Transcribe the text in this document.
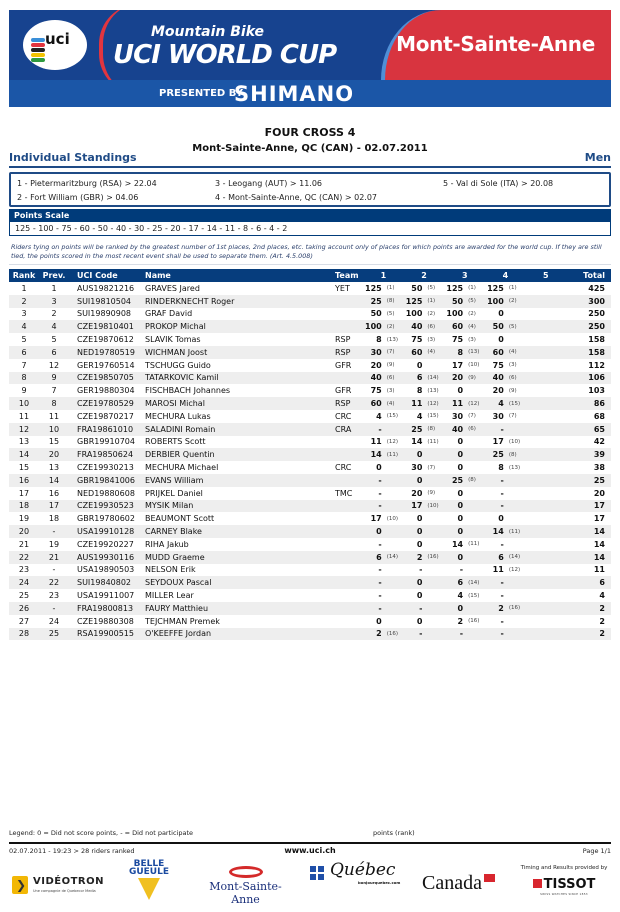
uci	Mountain Bike
UCI WORLD CUP	Mont-Sainte-Anne
PRESENTED BY
SHIMANO
FOUR CROSS 4
Mont-Sainte-Anne, QC (CAN) - 02.07.2011
Individual Standings	Men
1 - Pietermaritzburg (RSA) > 22.04
2 - Fort William (GBR) > 04.06
3 - Leogang (AUT) > 11.06
4 - Mont-Sainte-Anne, QC (CAN) > 02.07
5 - Val di Sole (ITA) > 20.08
Points Scale
125 - 100 - 75 - 60 - 50 - 40 - 30 - 25 - 20 - 17 - 14 - 11 - 8 - 6 - 4 - 2
Riders tying on points will be ranked by the greatest number of 1st places, 2nd places, etc. taking account only of places for which points are awarded for the world cup. If they are still tied, the points scored in the most recent event shall be used to separate them. (Art. 4.5.008)
Rank	Prev.	UCI Code	Name	Team	1		2		3		4		5		Total
1	1	AUS19821216	GRAVES Jared	YET	125	(1)	50	(5)	125	(1)	125	(1)			425
2	3	SUI19810504	RINDERKNECHT Roger		25	(8)	125	(1)	50	(5)	100	(2)			300
3	2	SUI19890908	GRAF David		50	(5)	100	(2)	100	(2)	0				250
4	4	CZE19810401	PROKOP Michal		100	(2)	40	(6)	60	(4)	50	(5)			250
5	5	CZE19870612	SLAVIK Tomas	RSP	8	(13)	75	(3)	75	(3)	0				158
6	6	NED19780519	WICHMAN Joost	RSP	30	(7)	60	(4)	8	(13)	60	(4)			158
7	12	GER19760514	TSCHUGG Guido	GFR	20	(9)	0		17	(10)	75	(3)			112
8	9	CZE19850705	TATARKOVIC Kamil		40	(6)	6	(14)	20	(9)	40	(6)			106
9	7	GER19880304	FISCHBACH Johannes	GFR	75	(3)	8	(13)	0		20	(9)			103
10	8	CZE19780529	MAROSI Michal	RSP	60	(4)	11	(12)	11	(12)	4	(15)			86
11	11	CZE19870217	MECHURA Lukas	CRC	4	(15)	4	(15)	30	(7)	30	(7)			68
12	10	FRA19861010	SALADINI Romain	CRA	-		25	(8)	40	(6)	-				65
13	15	GBR19910704	ROBERTS Scott		11	(12)	14	(11)	0		17	(10)			42
14	20	FRA19850624	DERBIER Quentin		14	(11)	0		0		25	(8)			39
15	13	CZE19930213	MECHURA Michael	CRC	0		30	(7)	0		8	(13)			38
16	14	GBR19841006	EVANS William		-		0		25	(8)	-				25
17	16	NED19880608	PRIJKEL Daniel	TMC	-		20	(9)	0		-				20
18	17	CZE19930523	MYSIK Milan		-		17	(10)	0		-				17
19	18	GBR19780602	BEAUMONT Scott		17	(10)	0		0		0				17
20	-	USA19910128	CARNEY Blake		0		0		0		14	(11)			14
21	19	CZE19920227	RIHA Jakub		-		0		14	(11)	-				14
22	21	AUS19930116	MUDD Graeme		6	(14)	2	(16)	0		6	(14)			14
23	-	USA19890503	NELSON Erik		-		-		-		11	(12)			11
24	22	SUI19840802	SEYDOUX Pascal		-		0		6	(14)	-				6
25	23	USA19911007	MILLER Lear		-		0		4	(15)	-				4
26	-	FRA19800813	FAURY Matthieu		-		-		0		2	(16)			2
27	24	CZE19880308	TEJCHMAN Premek		0		0		2	(16)	-				2
28	25	RSA19900515	O'KEEFFE Jordan		2	(16)	-		-		-				2
Legend: 0 = Did not score points, - = Did not participate	points (rank)
02.07.2011 - 19:23 > 28 riders ranked	www.uci.ch	Page 1/1
❯ VIDÉOTRON
Une compagnie de Quebecor Media
BELLE GUEULE
Mont-Sainte-Anne
Québec
bonjourquebec.com Canada
Timing and Results provided by
TISSOT
SWISS WATCHES SINCE 1853
